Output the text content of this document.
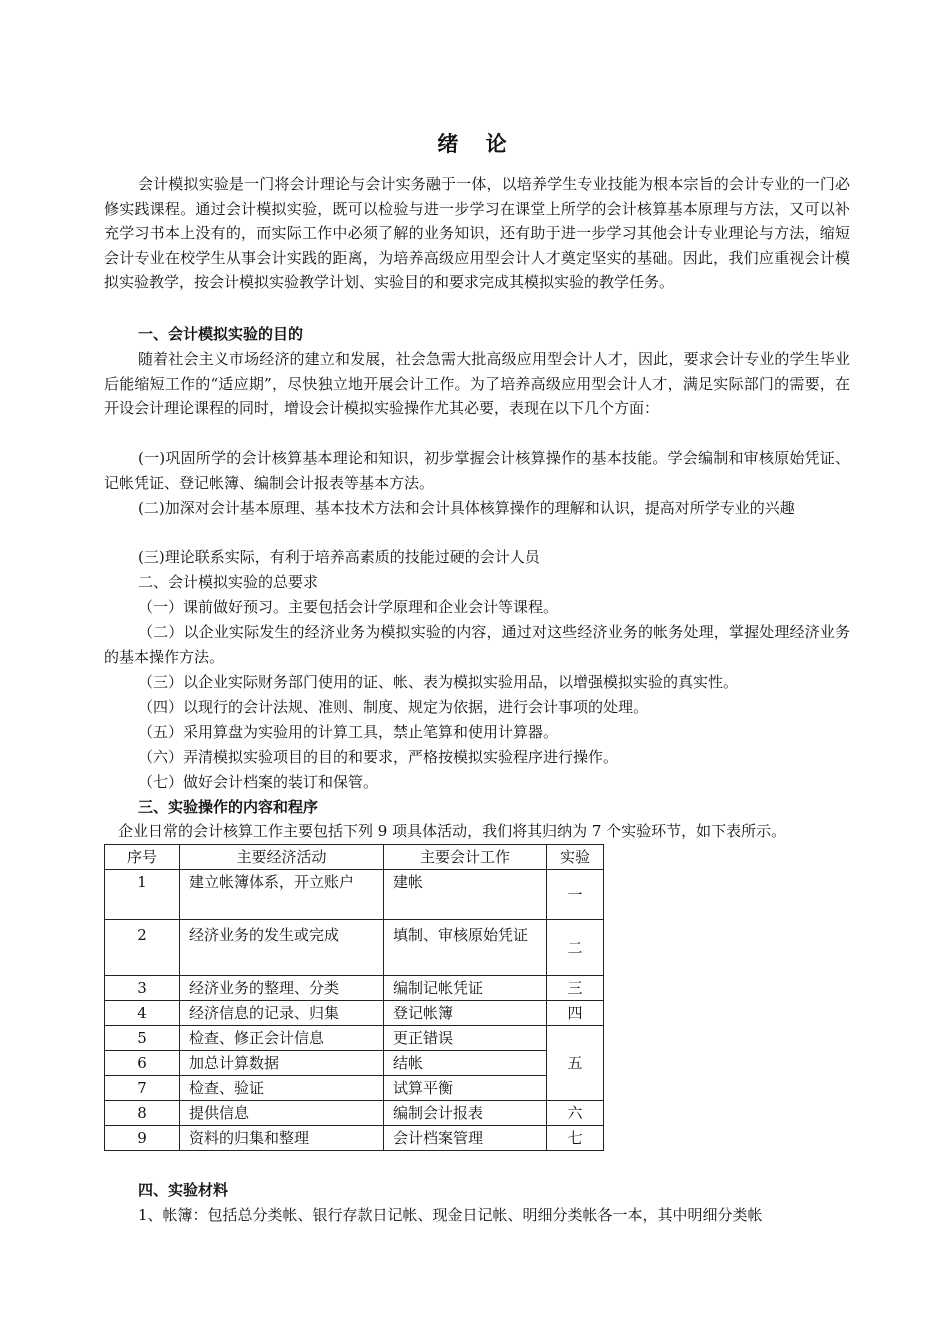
绪 论
会计模拟实验是一门将会计理论与会计实务融于一体，以培养学生专业技能为根本宗旨的会计专业的一门必修实践课程。通过会计模拟实验，既可以检验与进一步学习在课堂上所学的会计核算基本原理与方法，又可以补充学习书本上没有的，而实际工作中必须了解的业务知识，还有助于进一步学习其他会计专业理论与方法，缩短会计专业在校学生从事会计实践的距离，为培养高级应用型会计人才奠定坚实的基础。因此，我们应重视会计模拟实验教学，按会计模拟实验教学计划、实验目的和要求完成其模拟实验的教学任务。
一、会计模拟实验的目的
随着社会主义市场经济的建立和发展，社会急需大批高级应用型会计人才，因此，要求会计专业的学生毕业后能缩短工作的“适应期”，尽快独立地开展会计工作。为了培养高级应用型会计人才，满足实际部门的需要，在开设会计理论课程的同时，增设会计模拟实验操作尤其必要，表现在以下几个方面：
(一)巩固所学的会计核算基本理论和知识，初步掌握会计核算操作的基本技能。学会编制和审核原始凭证、记帐凭证、登记帐簿、编制会计报表等基本方法。
(二)加深对会计基本原理、基本技术方法和会计具体核算操作的理解和认识，提高对所学专业的兴趣
(三)理论联系实际，有利于培养高素质的技能过硬的会计人员
二、会计模拟实验的总要求
（一）课前做好预习。主要包括会计学原理和企业会计等课程。
（二）以企业实际发生的经济业务为模拟实验的内容，通过对这些经济业务的帐务处理，掌握处理经济业务的基本操作方法。
（三）以企业实际财务部门使用的证、帐、表为模拟实验用品，以增强模拟实验的真实性。
（四）以现行的会计法规、准则、制度、规定为依据，进行会计事项的处理。
（五）采用算盘为实验用的计算工具，禁止笔算和使用计算器。
（六）弄清模拟实验项目的目的和要求，严格按模拟实验程序进行操作。
（七）做好会计档案的装订和保管。
三、实验操作的内容和程序
企业日常的会计核算工作主要包括下列 9 项具体活动，我们将其归纳为 7 个实验环节，如下表所示。
序号	主要经济活动	主要会计工作	实验
1	建立帐簿体系，开立账户	建帐	一
2	经济业务的发生或完成	填制、审核原始凭证	二
3	经济业务的整理、分类	编制记帐凭证	三
4	经济信息的记录、归集	登记帐簿	四
5	检查、修正会计信息	更正错误	五
6	加总计算数据	结帐	
7	检查、验证	试算平衡	
8	提供信息	编制会计报表	六
9	资料的归集和整理	会计档案管理	七
四、实验材料
1、帐簿：包括总分类帐、银行存款日记帐、现金日记帐、明细分类帐各一本，其中明细分类帐
